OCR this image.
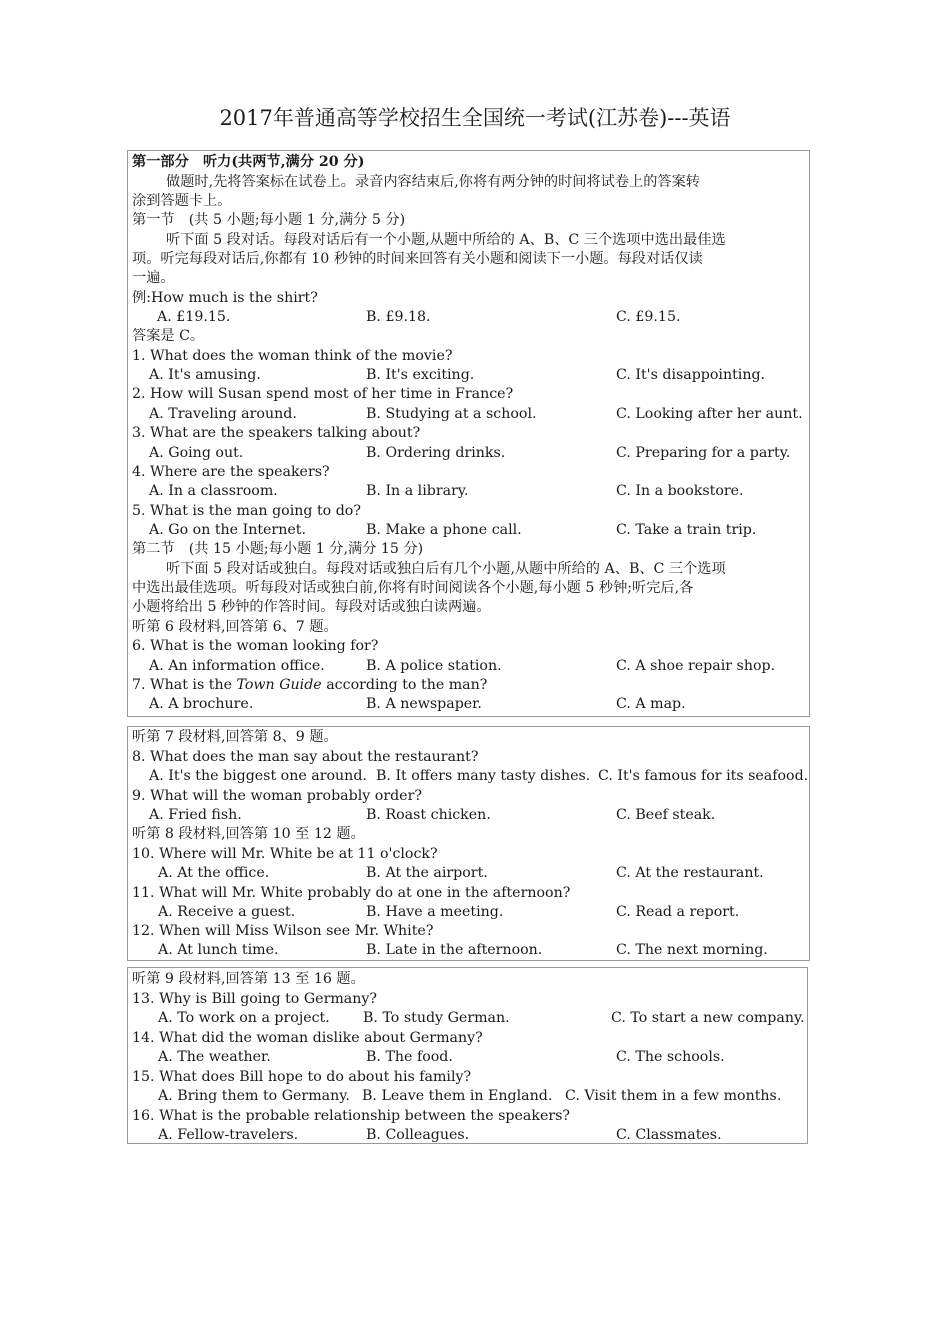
2017年普通高等学校招生全国统一考试(江苏卷)---英语
第一部分　听力(共两节,满分 20 分)
做题时,先将答案标在试卷上。录音内容结束后,你将有两分钟的时间将试卷上的答案转
涂到答题卡上。
第一节　(共 5 小题;每小题 1 分,满分 5 分)
听下面 5 段对话。每段对话后有一个小题,从题中所给的 A、B、C 三个选项中选出最佳选
项。听完每段对话后,你都有 10 秒钟的时间来回答有关小题和阅读下一小题。每段对话仅读
一遍。
例:How much is the shirt?
A. £19.15.	B. £9.18.	C. £9.15.
答案是 C。
1. What does the woman think of the movie?
A. It's amusing.	B. It's exciting.	C. It's disappointing.
2. How will Susan spend most of her time in France?
A. Traveling around.	B. Studying at a school.	C. Looking after her aunt.
3. What are the speakers talking about?
A. Going out.	B. Ordering drinks.	C. Preparing for a party.
4. Where are the speakers?
A. In a classroom.	B. In a library.	C. In a bookstore.
5. What is the man going to do?
A. Go on the Internet.	B. Make a phone call.	C. Take a train trip.
第二节　(共 15 小题;每小题 1 分,满分 15 分)
听下面 5 段对话或独白。每段对话或独白后有几个小题,从题中所给的 A、B、C 三个选项
中选出最佳选项。听每段对话或独白前,你将有时间阅读各个小题,每小题 5 秒钟;听完后,各
小题将给出 5 秒钟的作答时间。每段对话或独白读两遍。
听第 6 段材料,回答第 6、7 题。
6. What is the woman looking for?
A. An information office.	B. A police station.	C. A shoe repair shop.
7. What is the Town Guide according to the man?
A. A brochure.	B. A newspaper.	C. A map.
听第 7 段材料,回答第 8、9 题。
8. What does the man say about the restaurant?
A. It's the biggest one around. B. It offers many tasty dishes. C. It's famous for its seafood.
9. What will the woman probably order?
A. Fried fish.	B. Roast chicken.	C. Beef steak.
听第 8 段材料,回答第 10 至 12 题。
10. Where will Mr. White be at 11 o'clock?
A. At the office.	B. At the airport.	C. At the restaurant.
11. What will Mr. White probably do at one in the afternoon?
A. Receive a guest.	B. Have a meeting.	C. Read a report.
12. When will Miss Wilson see Mr. White?
A. At lunch time.	B. Late in the afternoon.	C. The next morning.
听第 9 段材料,回答第 13 至 16 题。
13. Why is Bill going to Germany?
A. To work on a project. B. To study German.	C. To start a new company.
14. What did the woman dislike about Germany?
A. The weather.	B. The food.	C. The schools.
15. What does Bill hope to do about his family?
A. Bring them to Germany. B. Leave them in England. C. Visit them in a few months.
16. What is the probable relationship between the speakers?
A. Fellow-travelers.	B. Colleagues.	C. Classmates.
